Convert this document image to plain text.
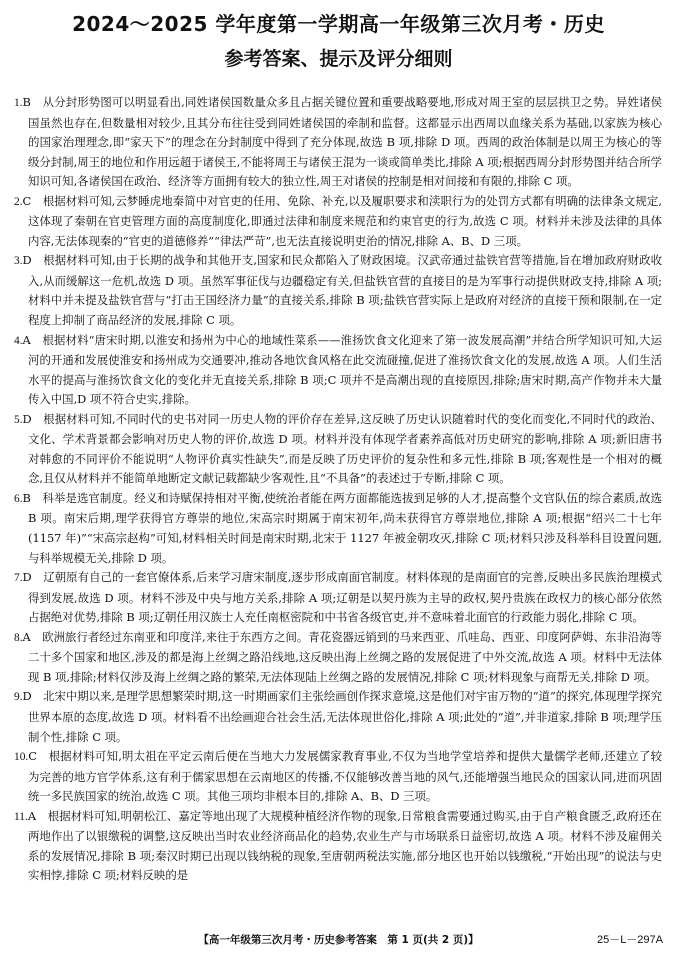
2024～2025 学年度第一学期高一年级第三次月考・历史
参考答案、提示及评分细则

1.B　 从分封形势图可以明显看出,同姓诸侯国数量众多且占据关键位置和重要战略要地,形成对周王室的层层拱卫之势。异姓诸侯国虽然也存在,但数量相对较少,且其分布往往受到同姓诸侯国的牵制和监督。这都显示出西周以血缘关系为基础,以家族为核心的国家治理理念,即“家天下”的理念在分封制度中得到了充分体现,故选 B 项,排除 D 项。西周的政治体制是以周王为核心的等级分封制,周王的地位和作用远超于诸侯王,不能将周王与诸侯王混为一谈或简单类比,排除 A 项;根据西周分封形势图并结合所学知识可知,各诸侯国在政治、经济等方面拥有较大的独立性,周王对诸侯的控制是相对间接和有限的,排除 C 项。

2.C　 根据材料可知,云梦睡虎地秦简中对官吏的任用、免除、补充,以及履职要求和渎职行为的处罚方式都有明确的法律条文规定,这体现了秦朝在官吏管理方面的高度制度化,即通过法律和制度来规范和约束官吏的行为,故选 C 项。材料并未涉及法律的具体内容,无法体现秦的“官吏的道德修养”“律法严苛”,也无法直接说明吏治的情况,排除 A、B、D 三项。

3.D　 根据材料可知,由于长期的战争和其他开支,国家和民众都陷入了财政困境。汉武帝通过盐铁官营等措施,旨在增加政府财政收入,从而缓解这一危机,故选 D 项。虽然军事征伐与边疆稳定有关,但盐铁官营的直接目的是为军事行动提供财政支持,排除 A 项;材料中并未提及盐铁官营与“打击王国经济力量”的直接关系,排除 B 项;盐铁官营实际上是政府对经济的直接干预和限制,在一定程度上抑制了商品经济的发展,排除 C 项。

4.A　 根据材料“唐宋时期,以淮安和扬州为中心的地域性菜系——淮扬饮食文化迎来了第一波发展高潮”并结合所学知识可知,大运河的开通和发展使淮安和扬州成为交通要冲,推动各地饮食风格在此交流碰撞,促进了淮扬饮食文化的发展,故选 A 项。人们生活水平的提高与淮扬饮食文化的变化并无直接关系,排除 B 项;C 项并不是高潮出现的直接原因,排除;唐宋时期,高产作物并未大量传入中国,D 项不符合史实,排除。

5.D　 根据材料可知,不同时代的史书对同一历史人物的评价存在差异,这反映了历史认识随着时代的变化而变化,不同时代的政治、文化、学术背景都会影响对历史人物的评价,故选 D 项。材料并没有体现学者素养高低对历史研究的影响,排除 A 项;新旧唐书对韩愈的不同评价不能说明“人物评价真实性缺失”,而是反映了历史评价的复杂性和多元性,排除 B 项;客观性是一个相对的概念,且仅从材料并不能简单地断定文献记载都缺少客观性,且“不具备”的表述过于专断,排除 C 项。

6.B　 科举是选官制度。经义和诗赋保持相对平衡,使统治者能在两方面都能选拔到足够的人才,提高整个文官队伍的综合素质,故选 B 项。南宋后期,理学获得官方尊崇的地位,宋高宗时期属于南宋初年,尚未获得官方尊崇地位,排除 A 项;根据“绍兴二十七年(1157 年)”“宋高宗赵构”可知,材料相关时间是南宋时期,北宋于 1127 年被金朝攻灭,排除 C 项;材料只涉及科举科目设置问题,与科举规模无关,排除 D 项。

7.D　 辽朝原有自己的一套官僚体系,后来学习唐宋制度,逐步形成南面官制度。材料体现的是南面官的完善,反映出多民族治理模式得到发展,故选 D 项。材料不涉及中央与地方关系,排除 A 项;辽朝是以契丹族为主导的政权,契丹贵族在政权力的核心部分依然占据绝对优势,排除 B 项;辽朝任用汉族士人充任南枢密院和中书省各级官吏,并不意味着北面官的行政能力弱化,排除 C 项。

8.A　 欧洲旅行者经过东南亚和印度洋,来往于东西方之间。青花瓷器远销到的马来西亚、爪哇岛、西亚、印度阿萨姆、东非沿海等二十多个国家和地区,涉及的都是海上丝绸之路沿线地,这反映出海上丝绸之路的发展促进了中外交流,故选 A 项。材料中无法体现 B 项,排除;材料仅涉及海上丝绸之路的繁荣,无法体现陆上丝绸之路的发展情况,排除 C 项;材料现象与商帮无关,排除 D 项。

9.D　 北宋中期以来,是理学思想繁荣时期,这一时期画家们主张绘画创作探求意境,这是他们对宇宙万物的“道”的探究,体现理学探究世界本原的态度,故选 D 项。材料看不出绘画迎合社会生活,无法体现世俗化,排除 A 项;此处的“道”,并非道家,排除 B 项;理学压制个性,排除 C 项。

10.C　 根据材料可知,明太祖在平定云南后便在当地大力发展儒家教育事业,不仅为当地学堂培养和提供大量儒学老师,还建立了较为完善的地方官学体系,这有利于儒家思想在云南地区的传播,不仅能够改善当地的风气,还能增强当地民众的国家认同,进而巩固统一多民族国家的统治,故选 C 项。其他三项均非根本目的,排除 A、B、D 三项。

11.A　 根据材料可知,明朝松江、嘉定等地出现了大规模种植经济作物的现象,日常粮食需要通过购买,由于自产粮食匮乏,政府还在两地作出了以银缴税的调整,这反映出当时农业经济商品化的趋势,农业生产与市场联系日益密切,故选 A 项。材料不涉及雇佣关系的发展情况,排除 B 项;秦汉时期已出现以钱纳税的现象,至唐朝两税法实施,部分地区也开始以钱缴税,“开始出现”的说法与史实相悖,排除 C 项;材料反映的是

【高一年级第三次月考・历史参考答案　第 1 页(共 2 页)】	25－L－297A
